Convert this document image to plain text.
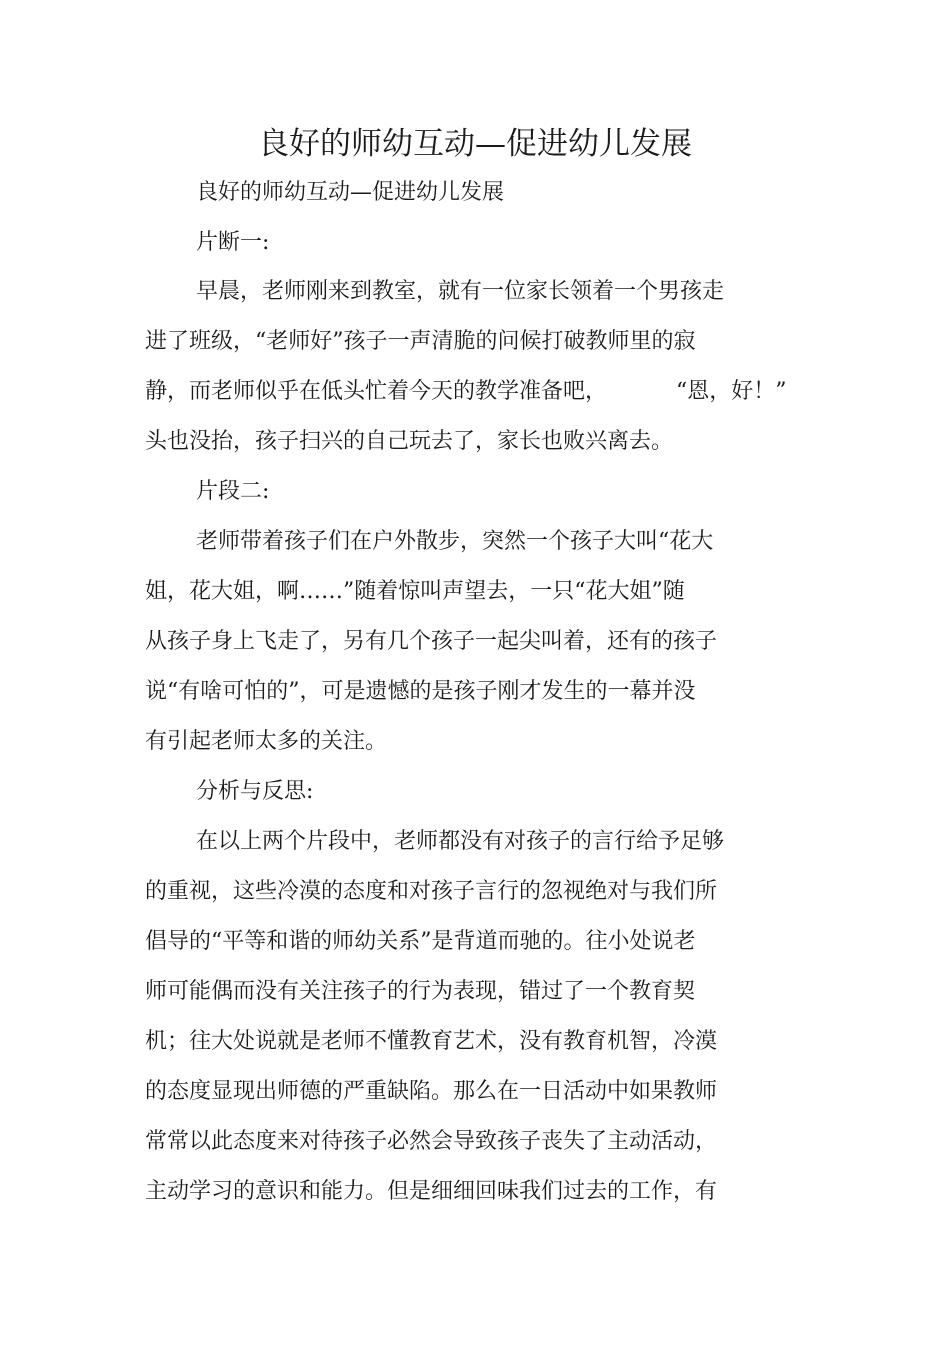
良好的师幼互动—促进幼儿发展
良好的师幼互动—促进幼儿发展
片断一:
早晨，老师刚来到教室，就有一位家长领着一个男孩走
进了班级，“老师好”孩子一声清脆的问候打破教师里的寂
静，而老师似乎在低头忙着今天的教学准备吧，	“恩，好！”
头也没抬，孩子扫兴的自己玩去了，家长也败兴离去。
片段二:
老师带着孩子们在户外散步，突然一个孩子大叫“花大
姐，花大姐，啊……”随着惊叫声望去，一只“花大姐”随
从孩子身上飞走了，另有几个孩子一起尖叫着，还有的孩子
说“有啥可怕的”，可是遗憾的是孩子刚才发生的一幕并没
有引起老师太多的关注。
分析与反思:
在以上两个片段中，老师都没有对孩子的言行给予足够
的重视，这些冷漠的态度和对孩子言行的忽视绝对与我们所
倡导的“平等和谐的师幼关系”是背道而驰的。往小处说老
师可能偶而没有关注孩子的行为表现，错过了一个教育契
机；往大处说就是老师不懂教育艺术，没有教育机智，冷漠
的态度显现出师德的严重缺陷。那么在一日活动中如果教师
常常以此态度来对待孩子必然会导致孩子丧失了主动活动，
主动学习的意识和能力。但是细细回味我们过去的工作，有
